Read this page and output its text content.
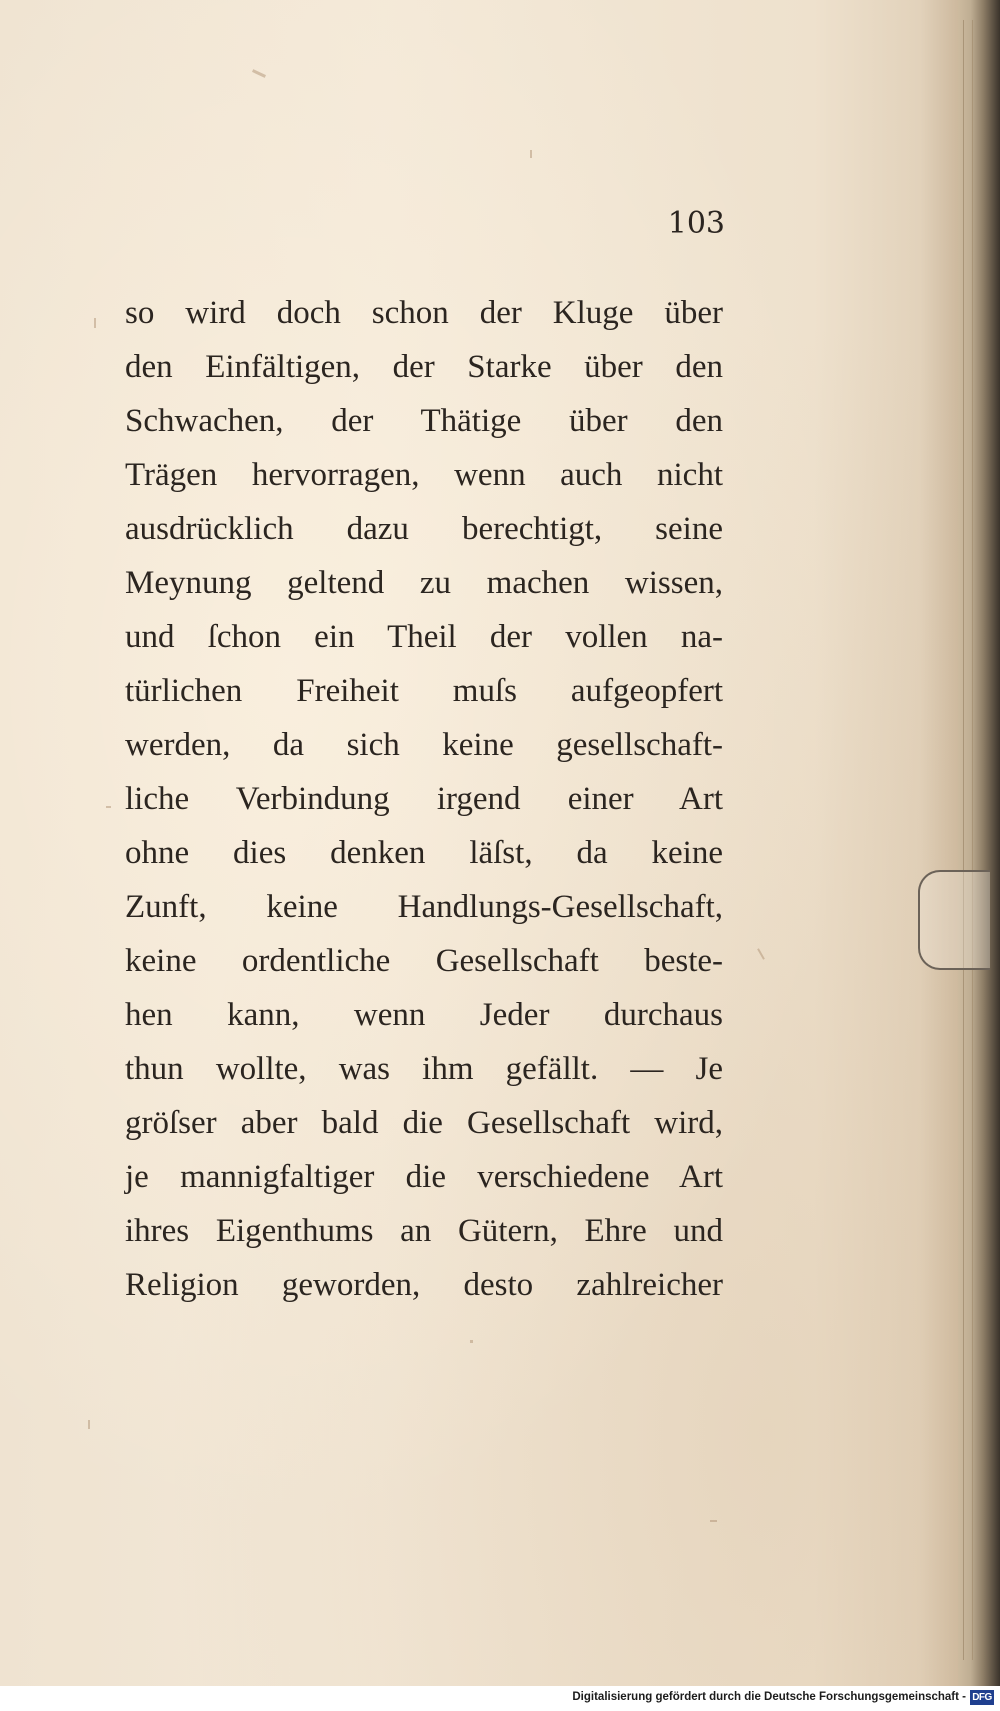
103
so wird doch schon der Kluge über
den Einfältigen, der Starke über den
Schwachen, der Thätige über den
Trägen hervorragen, wenn auch nicht
ausdrücklich dazu berechtigt, seine
Meynung geltend zu machen wissen,
und ſchon ein Theil der vollen na-
türlichen Freiheit muſs aufgeopfert
werden, da sich keine gesellschaft-
liche Verbindung irgend einer Art
ohne dies denken läſst, da keine
Zunft, keine Handlungs-Gesellschaft,
keine ordentliche Gesellschaft beste-
hen kann, wenn Jeder durchaus
thun wollte, was ihm gefällt. — Je
gröſser aber bald die Gesellschaft wird,
je mannigfaltiger die verschiedene Art
ihres Eigenthums an Gütern, Ehre und
Religion geworden, desto zahlreicher
Digitalisierung gefördert durch die Deutsche Forschungsgemeinschaft - DFG
